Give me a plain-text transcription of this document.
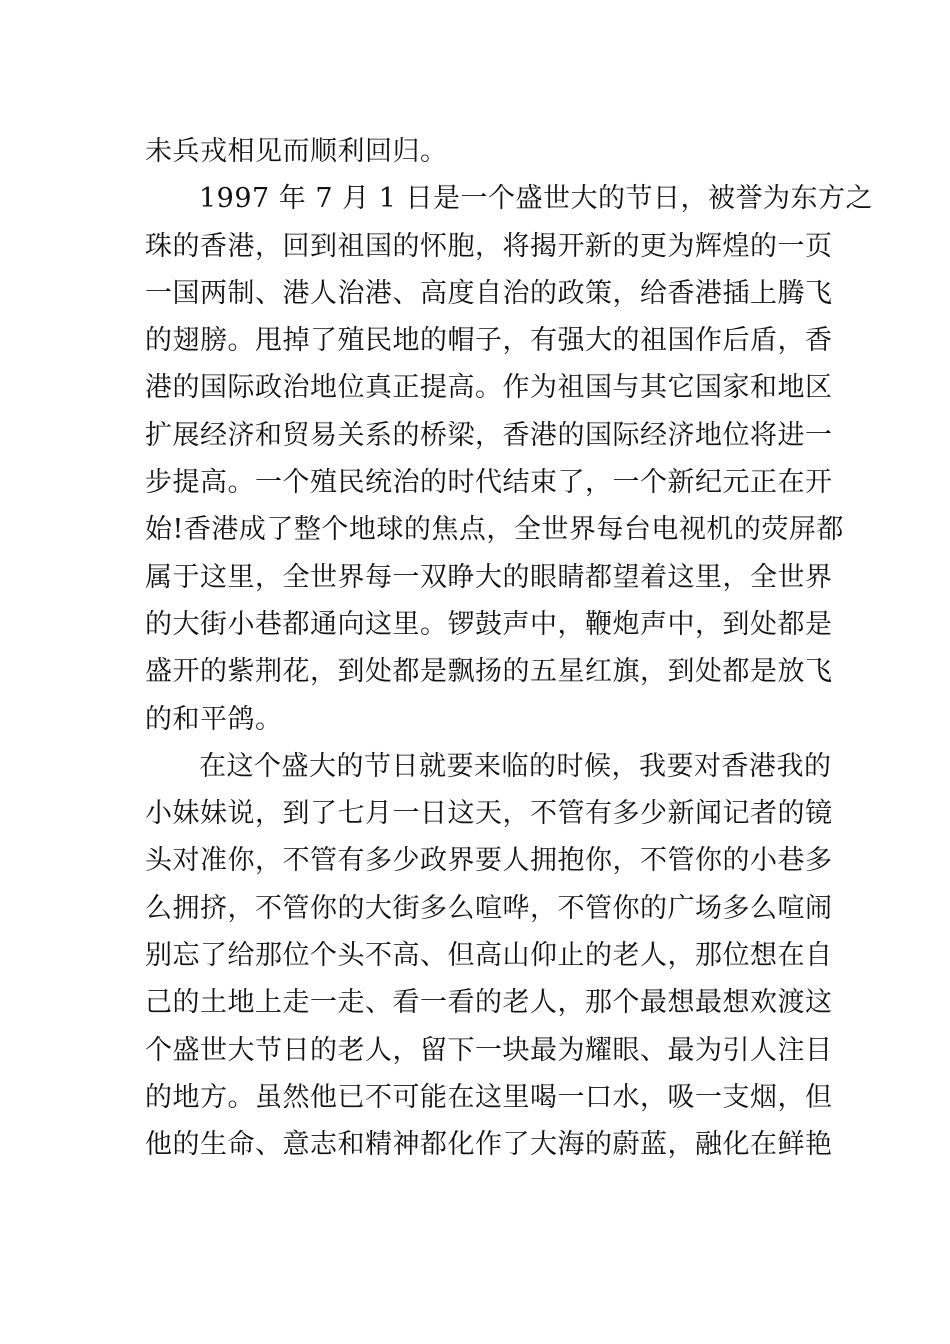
未兵戎相见而顺利回归。
1997 年 7 月 1 日是一个盛世大的节日，被誉为东方之
珠的香港，回到祖国的怀胞，将揭开新的更为辉煌的一页
一国两制、港人治港、高度自治的政策，给香港插上腾飞
的翅膀。甩掉了殖民地的帽子，有强大的祖国作后盾，香
港的国际政治地位真正提高。作为祖国与其它国家和地区
扩展经济和贸易关系的桥梁，香港的国际经济地位将进一
步提高。一个殖民统治的时代结束了，一个新纪元正在开
始!香港成了整个地球的焦点，全世界每台电视机的荧屏都
属于这里，全世界每一双睁大的眼睛都望着这里，全世界
的大街小巷都通向这里。锣鼓声中，鞭炮声中，到处都是
盛开的紫荆花，到处都是飘扬的五星红旗，到处都是放飞
的和平鸽。
在这个盛大的节日就要来临的时候，我要对香港我的
小妹妹说，到了七月一日这天，不管有多少新闻记者的镜
头对准你，不管有多少政界要人拥抱你，不管你的小巷多
么拥挤，不管你的大街多么喧哗，不管你的广场多么喧闹
别忘了给那位个头不高、但高山仰止的老人，那位想在自
己的土地上走一走、看一看的老人，那个最想最想欢渡这
个盛世大节日的老人，留下一块最为耀眼、最为引人注目
的地方。虽然他已不可能在这里喝一口水，吸一支烟，但
他的生命、意志和精神都化作了大海的蔚蓝，融化在鲜艳
